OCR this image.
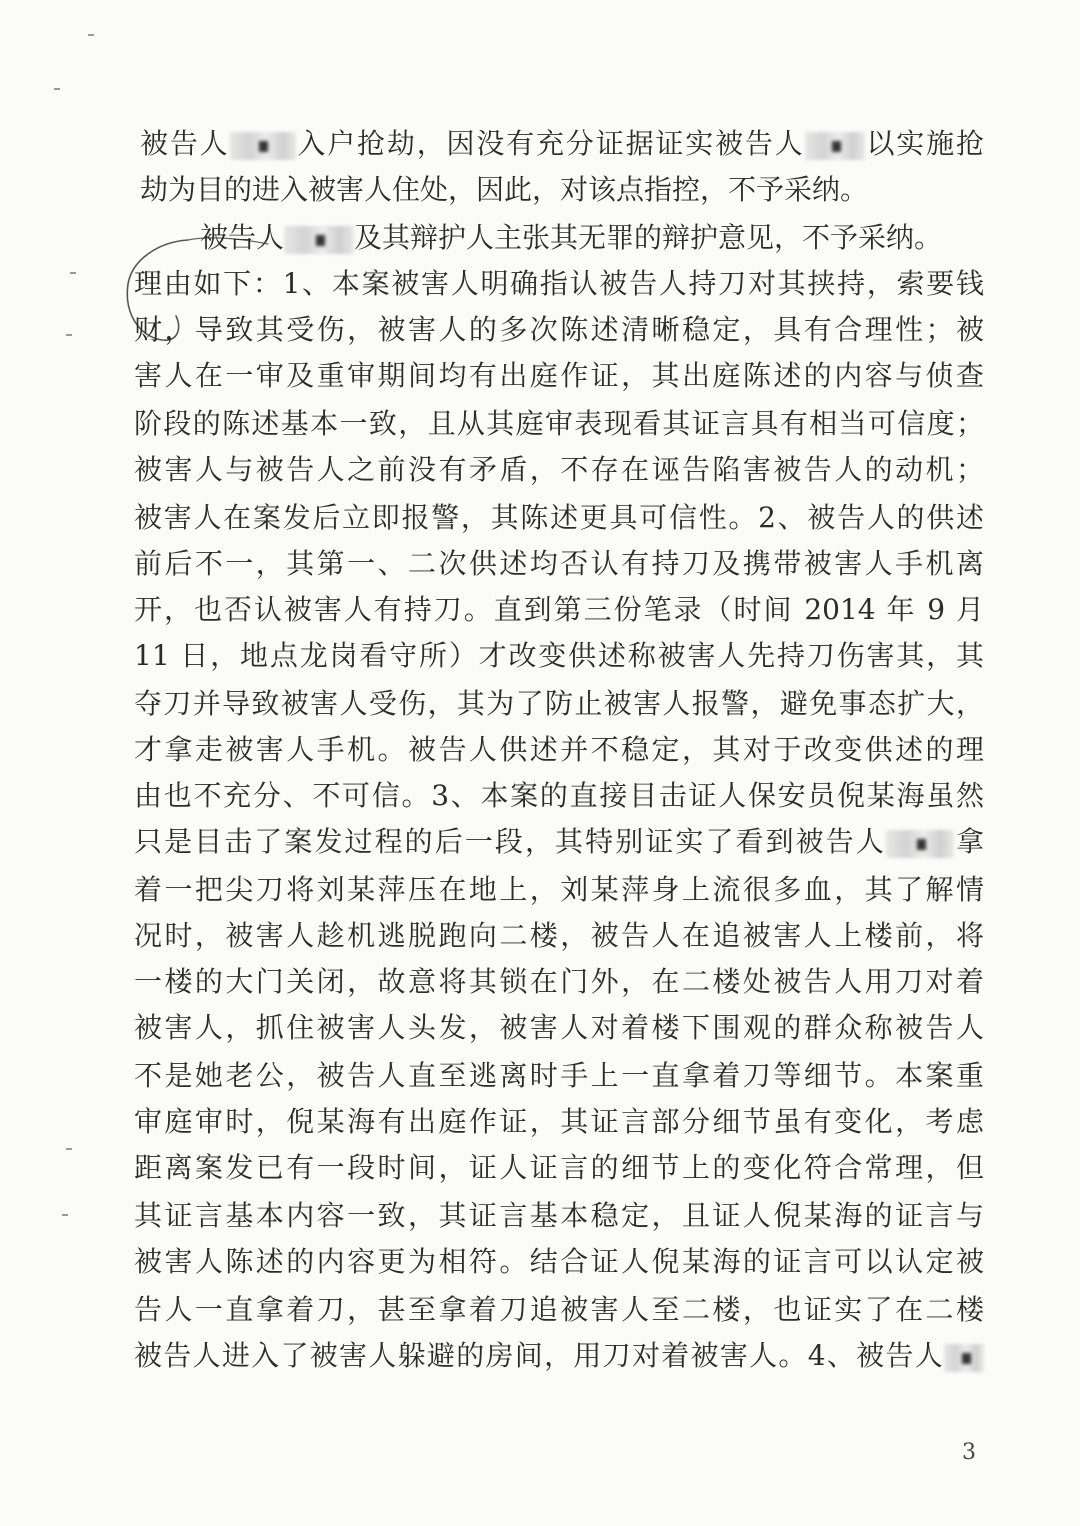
被告人 入户抢劫，因没有充分证据证实被告人 以实施抢
劫为目的进入被害人住处，因此，对该点指控，不予采纳。
被告人	及其辩护人主张其无罪的辩护意见，不予采纳。
理由如下：1、本案被害人明确指认被告人持刀对其挟持，索要钱
财，导致其受伤，被害人的多次陈述清晰稳定，具有合理性；被
害人在一审及重审期间均有出庭作证，其出庭陈述的内容与侦查
阶段的陈述基本一致，且从其庭审表现看其证言具有相当可信度；
被害人与被告人之前没有矛盾，不存在诬告陷害被告人的动机；
被害人在案发后立即报警，其陈述更具可信性。2、被告人的供述
前后不一，其第一、二次供述均否认有持刀及携带被害人手机离
开，也否认被害人有持刀。直到第三份笔录（时间 2014 年 9 月
11 日，地点龙岗看守所）才改变供述称被害人先持刀伤害其，其
夺刀并导致被害人受伤，其为了防止被害人报警，避免事态扩大，
才拿走被害人手机。被告人供述并不稳定，其对于改变供述的理
由也不充分、不可信。3、本案的直接目击证人保安员倪某海虽然
只是目击了案发过程的后一段，其特别证实了看到被告人 拿
着一把尖刀将刘某萍压在地上，刘某萍身上流很多血，其了解情
况时，被害人趁机逃脱跑向二楼，被告人在追被害人上楼前，将
一楼的大门关闭，故意将其锁在门外，在二楼处被告人用刀对着
被害人，抓住被害人头发，被害人对着楼下围观的群众称被告人
不是她老公，被告人直至逃离时手上一直拿着刀等细节。本案重
审庭审时，倪某海有出庭作证，其证言部分细节虽有变化，考虑
距离案发已有一段时间，证人证言的细节上的变化符合常理，但
其证言基本内容一致，其证言基本稳定，且证人倪某海的证言与
被害人陈述的内容更为相符。结合证人倪某海的证言可以认定被
告人一直拿着刀，甚至拿着刀追被害人至二楼，也证实了在二楼
被告人进入了被害人躲避的房间，用刀对着被害人。4、被告人
3
